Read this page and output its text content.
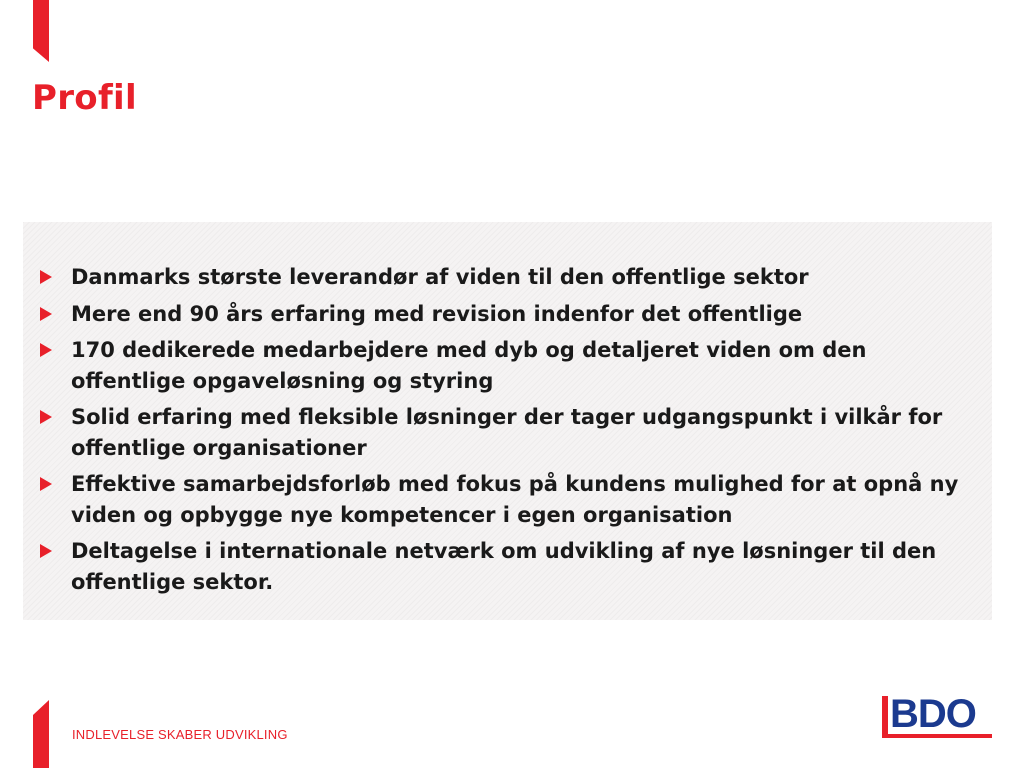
Profil
Danmarks største leverandør af viden til den offentlige sektor
Mere end 90 års erfaring med revision indenfor det offentlige
170 dedikerede medarbejdere med dyb og detaljeret viden om den offentlige opgaveløsning og styring
Solid erfaring med fleksible løsninger der tager udgangspunkt i vilkår for offentlige organisationer
Effektive samarbejdsforløb med fokus på kundens mulighed for at opnå ny viden og opbygge nye kompetencer i egen organisation
Deltagelse i internationale netværk om udvikling af nye løsninger til den offentlige sektor.
INDLEVELSE SKABER UDVIKLING	BDO
